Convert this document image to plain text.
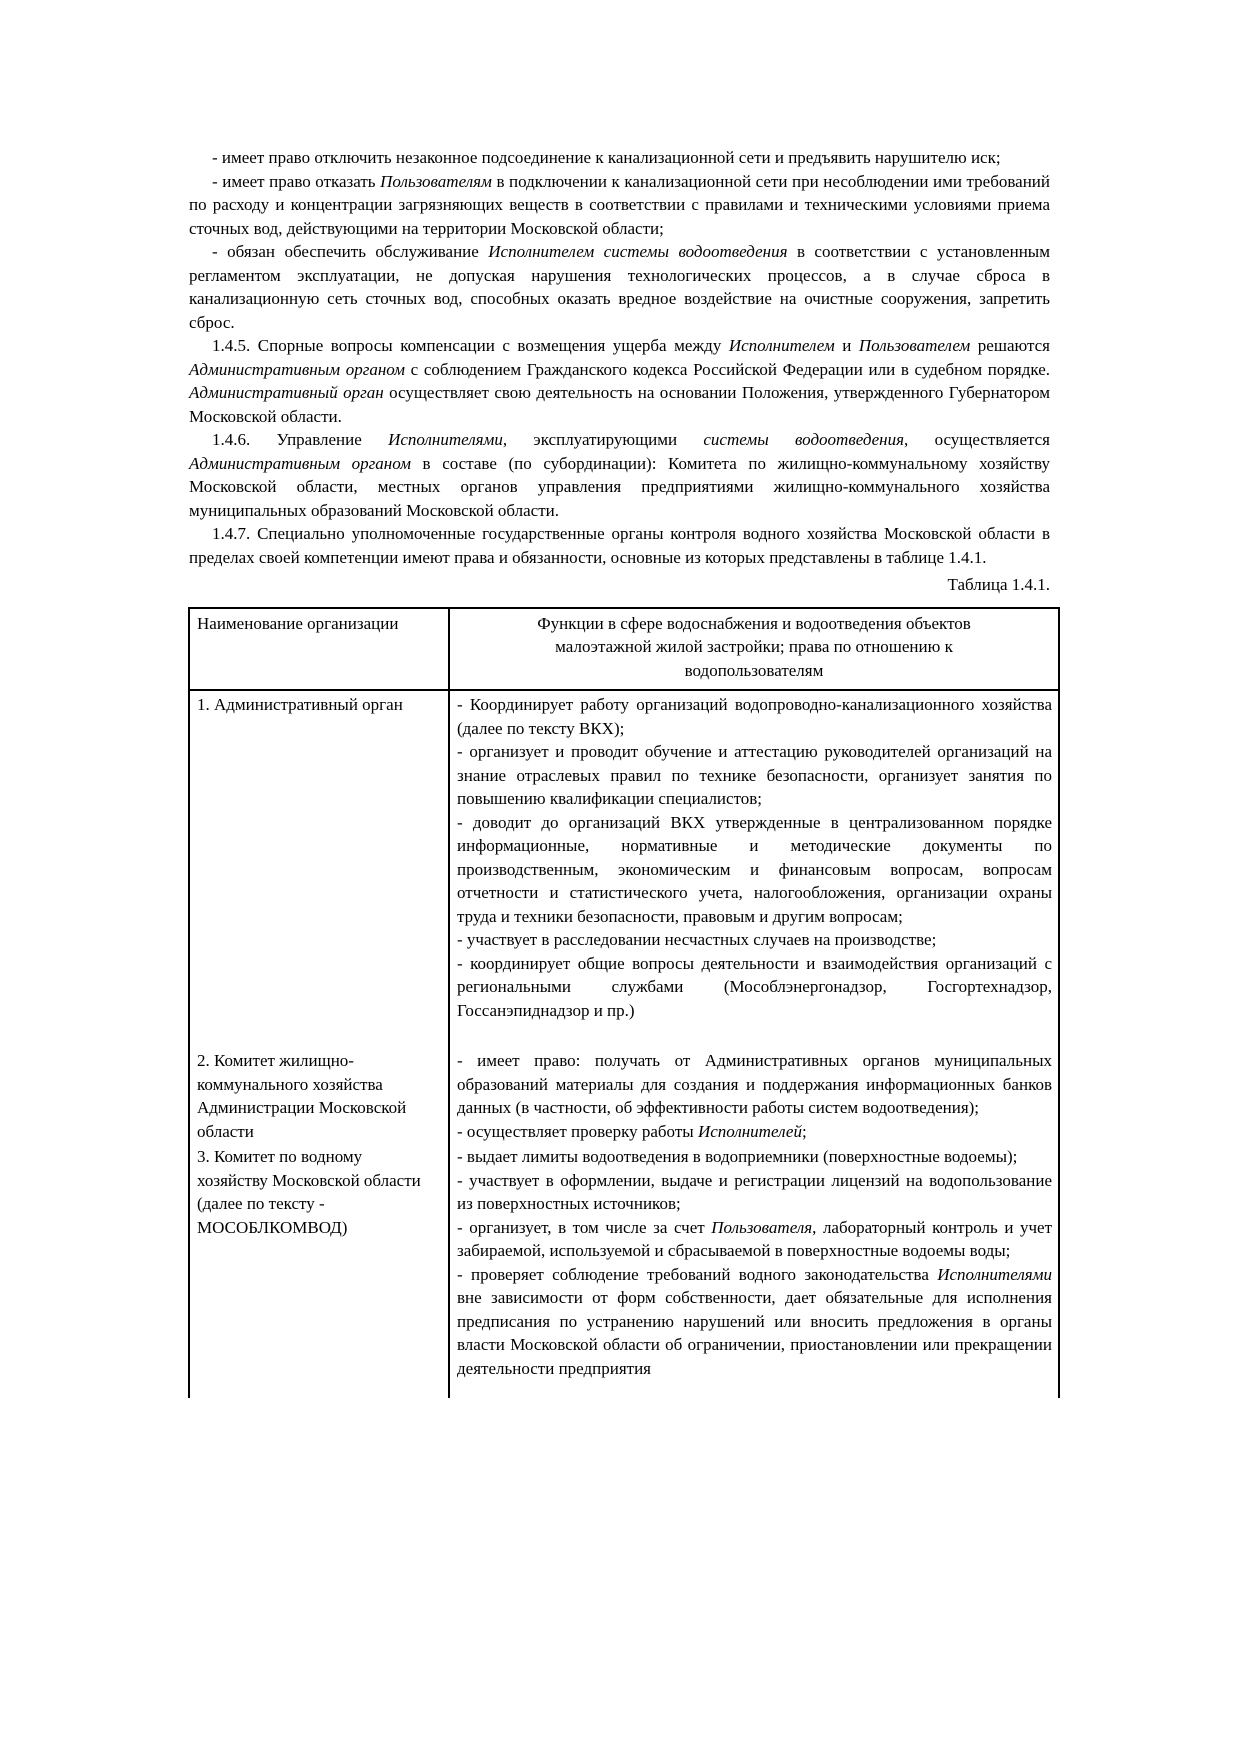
- имеет право отключить незаконное подсоединение к канализационной сети и предъявить нарушителю иск;

- имеет право отказать Пользователям в подключении к канализационной сети при несоблюдении ими требований по расходу и концентрации загрязняющих веществ в соответствии с правилами и техническими условиями приема сточных вод, действующими на территории Московской области;

- обязан обеспечить обслуживание Исполнителем системы водоотведения в соответствии с установленным регламентом эксплуатации, не допуская нарушения технологических процессов, а в случае сброса в канализационную сеть сточных вод, способных оказать вредное воздействие на очистные сооружения, запретить сброс.

1.4.5. Спорные вопросы компенсации с возмещения ущерба между Исполнителем и Пользователем решаются Административным органом с соблюдением Гражданского кодекса Российской Федерации или в судебном порядке. Административный орган осуществляет свою деятельность на основании Положения, утвержденного Губернатором Московской области.

1.4.6. Управление Исполнителями, эксплуатирующими системы водоотведения, осуществляется Административным органом в составе (по субординации): Комитета по жилищно-коммунальному хозяйству Московской области, местных органов управления предприятиями жилищно-коммунального хозяйства муниципальных образований Московской области.

1.4.7. Специально уполномоченные государственные органы контроля водного хозяйства Московской области в пределах своей компетенции имеют права и обязанности, основные из которых представлены в таблице 1.4.1.

Таблица 1.4.1.
Наименование организации	Функции в сфере водоснабжения и водоотведения объектов малоэтажной жилой застройки; права по отношению к водопользователям

1. Административный орган	- Координирует работу организаций водопроводно-канализационного хозяйства (далее по тексту ВКХ);
- организует и проводит обучение и аттестацию руководителей организаций на знание отраслевых правил по технике безопасности, организует занятия по повышению квалификации специалистов;
- доводит до организаций ВКХ утвержденные в централизованном порядке информационные, нормативные и методические документы по производственным, экономическим и финансовым вопросам, вопросам отчетности и статистического учета, налогообложения, организации охраны труда и техники безопасности, правовым и другим вопросам;
- участвует в расследовании несчастных случаев на производстве;
- координирует общие вопросы деятельности и взаимодействия организаций с региональными службами (Мособлэнергонадзор, Госгортехнадзор, Госсанэпиднадзор и пр.)

2. Комитет жилищно-коммунального хозяйства Администрации Московской области	- имеет право: получать от Административных органов муниципальных образований материалы для создания и поддержания информационных банков данных (в частности, об эффективности работы систем водоотведения);
- осуществляет проверку работы Исполнителей;

3. Комитет по водному хозяйству Московской области (далее по тексту - МОСОБЛКОМВОД)	- выдает лимиты водоотведения в водоприемники (поверхностные водоемы);
- участвует в оформлении, выдаче и регистрации лицензий на водопользование из поверхностных источников;
- организует, в том числе за счет Пользователя, лабораторный контроль и учет забираемой, используемой и сбрасываемой в поверхностные водоемы воды;
- проверяет соблюдение требований водного законодательства Исполнителями вне зависимости от форм собственности, дает обязательные для исполнения предписания по устранению нарушений или вносить предложения в органы власти Московской области об ограничении, приостановлении или прекращении деятельности предприятия
